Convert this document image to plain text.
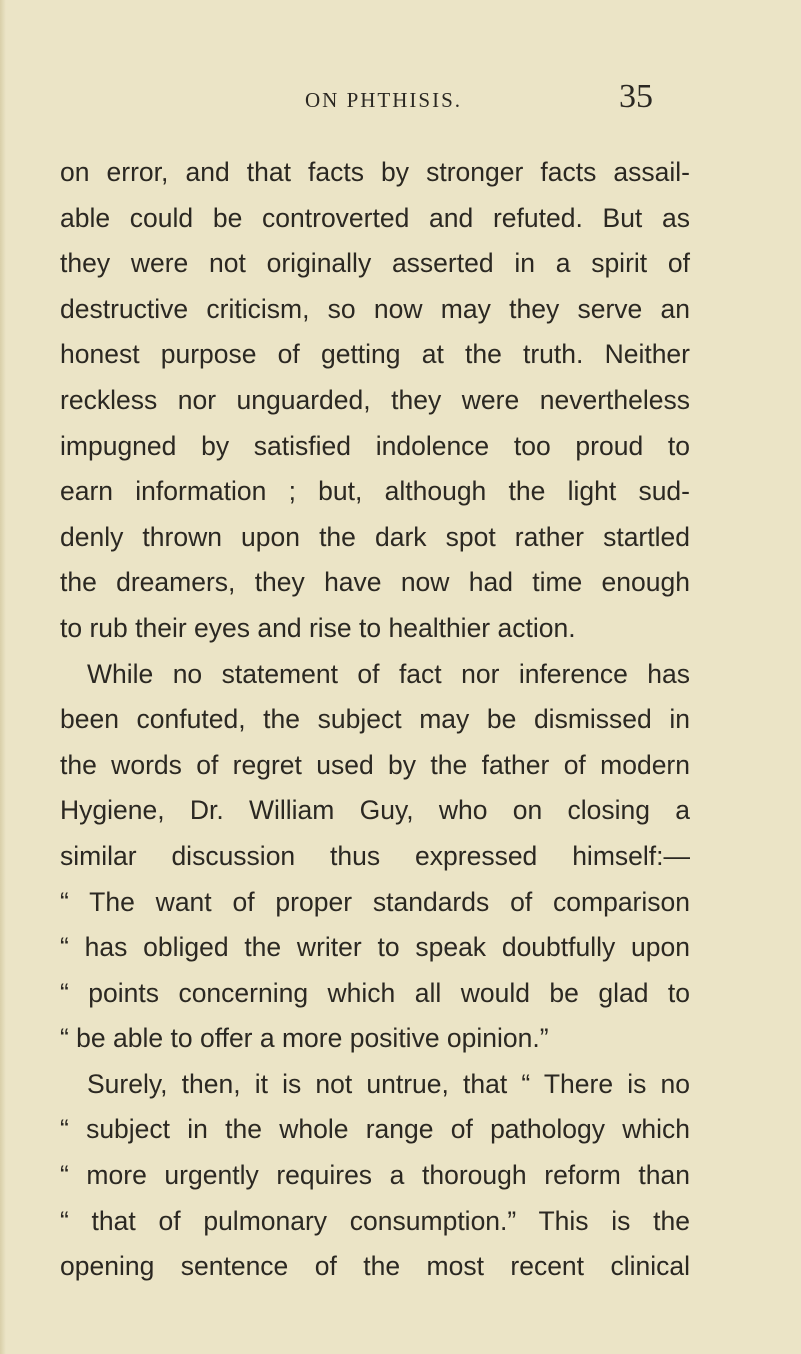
ON PHTHISIS.	35
on error, and that facts by stronger facts assail-
able could be controverted and refuted. But as
they were not originally asserted in a spirit of
destructive criticism, so now may they serve an
honest purpose of getting at the truth. Neither
reckless nor unguarded, they were nevertheless
impugned by satisfied indolence too proud to
earn information ; but, although the light sud-
denly thrown upon the dark spot rather startled
the dreamers, they have now had time enough
to rub their eyes and rise to healthier action.
While no statement of fact nor inference has
been confuted, the subject may be dismissed in
the words of regret used by the father of modern
Hygiene, Dr. William Guy, who on closing a
similar discussion thus expressed himself:—
“ The want of proper standards of comparison
“ has obliged the writer to speak doubtfully upon
“ points concerning which all would be glad to
“ be able to offer a more positive opinion.”
Surely, then, it is not untrue, that “ There is no
“ subject in the whole range of pathology which
“ more urgently requires a thorough reform than
“ that of pulmonary consumption.” This is the
opening sentence of the most recent clinical
